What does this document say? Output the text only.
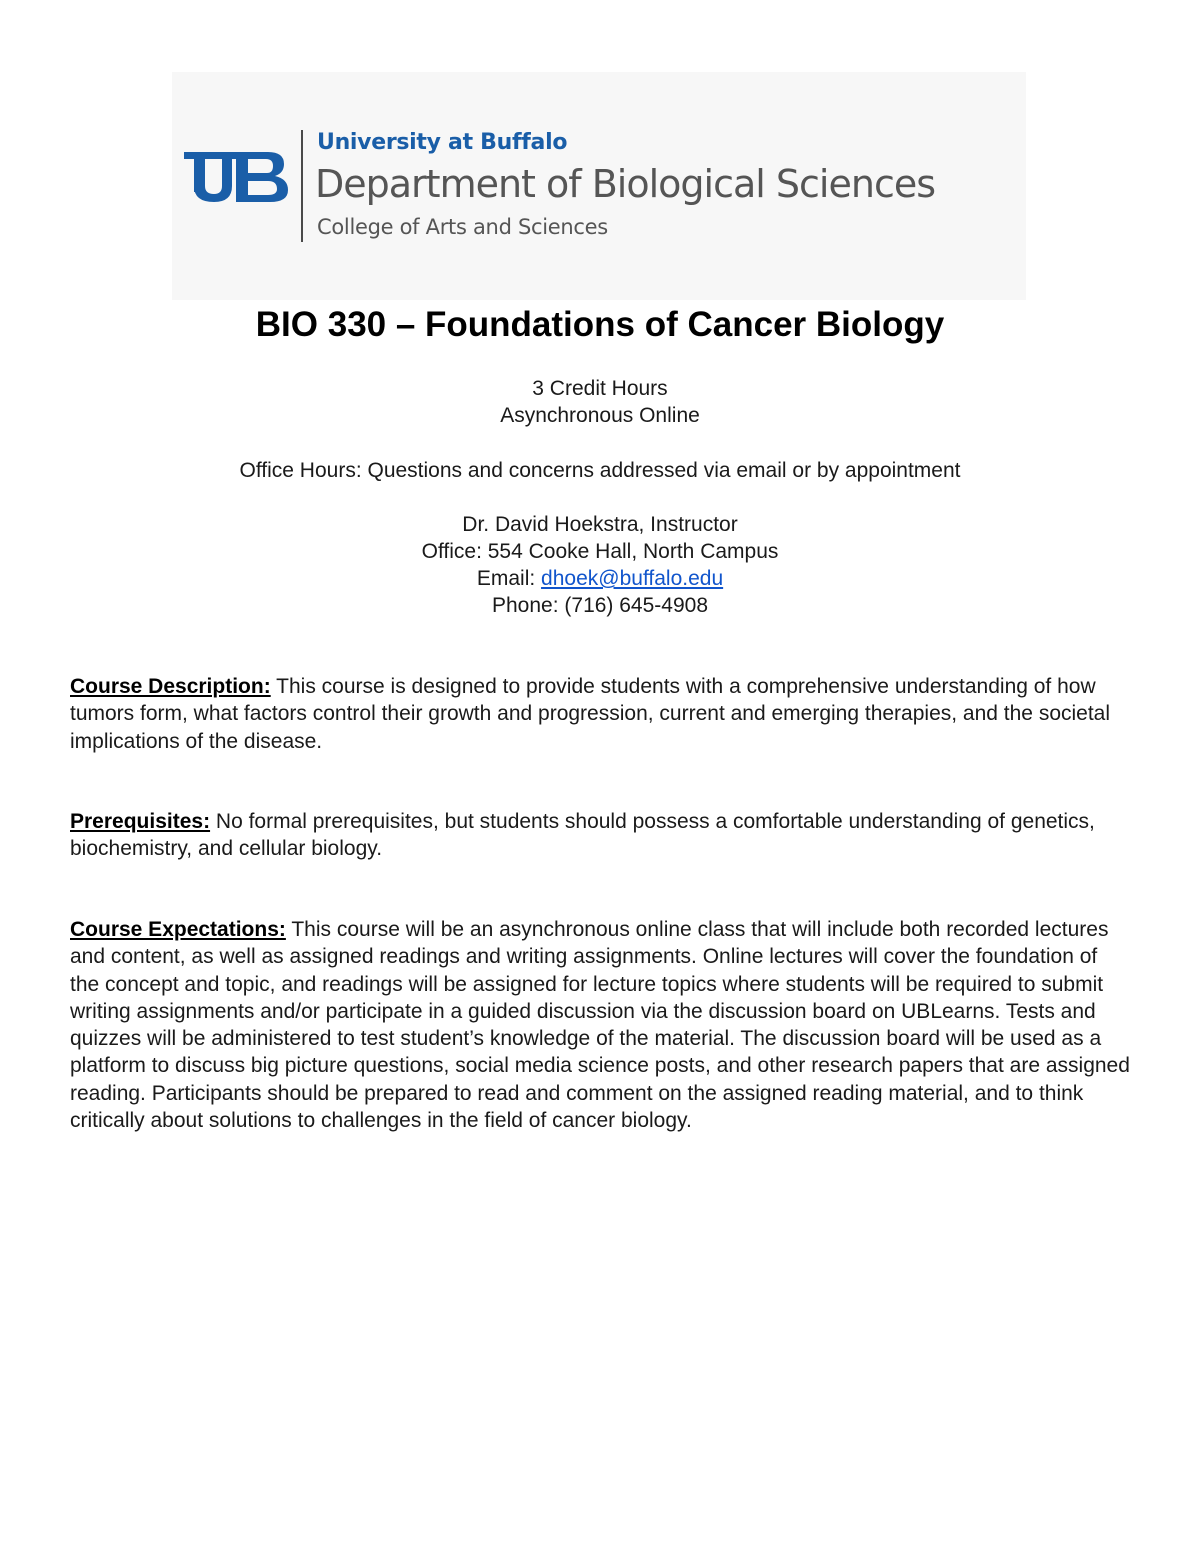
University at Buffalo
Department of Biological Sciences
College of Arts and Sciences
BIO 330 – Foundations of Cancer Biology
3 Credit Hours
Asynchronous Online
Office Hours: Questions and concerns addressed via email or by appointment
Dr. David Hoekstra, Instructor
Office: 554 Cooke Hall, North Campus
Email: dhoek@buffalo.edu
Phone: (716) 645-4908

Course Description: This course is designed to provide students with a comprehensive understanding of how tumors form, what factors control their growth and progression, current and emerging therapies, and the societal implications of the disease.

Prerequisites: No formal prerequisites, but students should possess a comfortable understanding of genetics, biochemistry, and cellular biology.

Course Expectations: This course will be an asynchronous online class that will include both recorded lectures and content, as well as assigned readings and writing assignments. Online lectures will cover the foundation of the concept and topic, and readings will be assigned for lecture topics where students will be required to submit writing assignments and/or participate in a guided discussion via the discussion board on UBLearns. Tests and quizzes will be administered to test student’s knowledge of the material. The discussion board will be used as a platform to discuss big picture questions, social media science posts, and other research papers that are assigned reading. Participants should be prepared to read and comment on the assigned reading material, and to think critically about solutions to challenges in the field of cancer biology.
